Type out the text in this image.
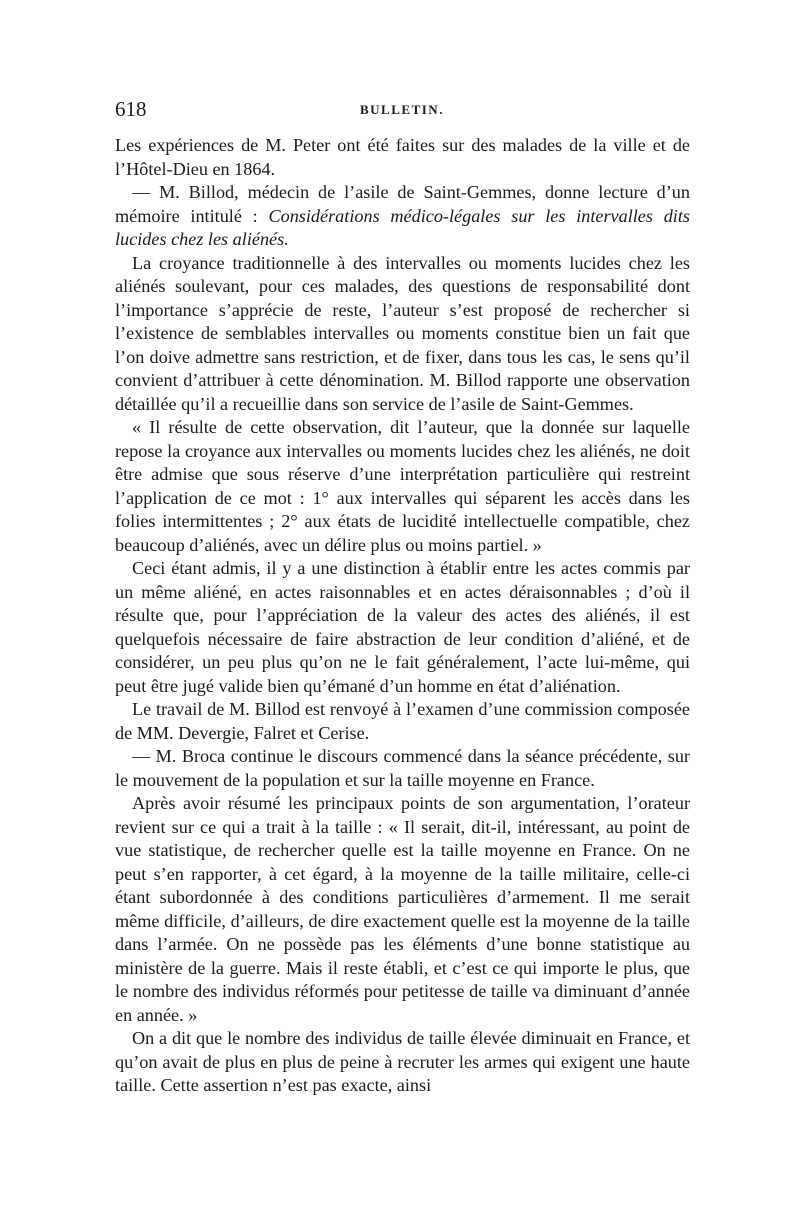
618	BULLETIN.

Les expériences de M. Peter ont été faites sur des malades de la ville et de l’Hôtel-Dieu en 1864.

— M. Billod, médecin de l’asile de Saint-Gemmes, donne lecture d’un mémoire intitulé : Considérations médico-légales sur les intervalles dits lucides chez les aliénés.

La croyance traditionnelle à des intervalles ou moments lucides chez les aliénés soulevant, pour ces malades, des questions de responsabilité dont l’importance s’apprécie de reste, l’auteur s’est proposé de rechercher si l’existence de semblables intervalles ou moments constitue bien un fait que l’on doive admettre sans restriction, et de fixer, dans tous les cas, le sens qu’il convient d’attribuer à cette dénomination. M. Billod rapporte une observation détaillée qu’il a recueillie dans son service de l’asile de Saint-Gemmes.

« Il résulte de cette observation, dit l’auteur, que la donnée sur laquelle repose la croyance aux intervalles ou moments lucides chez les aliénés, ne doit être admise que sous réserve d’une interprétation particulière qui restreint l’application de ce mot : 1° aux intervalles qui séparent les accès dans les folies intermittentes ; 2° aux états de lucidité intellectuelle compatible, chez beaucoup d’aliénés, avec un délire plus ou moins partiel. »

Ceci étant admis, il y a une distinction à établir entre les actes commis par un même aliéné, en actes raisonnables et en actes déraisonnables ; d’où il résulte que, pour l’appréciation de la valeur des actes des aliénés, il est quelquefois nécessaire de faire abstraction de leur condition d’aliéné, et de considérer, un peu plus qu’on ne le fait généralement, l’acte lui-même, qui peut être jugé valide bien qu’émané d’un homme en état d’aliénation.

Le travail de M. Billod est renvoyé à l’examen d’une commission composée de MM. Devergie, Falret et Cerise.

— M. Broca continue le discours commencé dans la séance précédente, sur le mouvement de la population et sur la taille moyenne en France.

Après avoir résumé les principaux points de son argumentation, l’orateur revient sur ce qui a trait à la taille : « Il serait, dit-il, intéressant, au point de vue statistique, de rechercher quelle est la taille moyenne en France. On ne peut s’en rapporter, à cet égard, à la moyenne de la taille militaire, celle-ci étant subordonnée à des conditions particulières d’armement. Il me serait même difficile, d’ailleurs, de dire exactement quelle est la moyenne de la taille dans l’armée. On ne possède pas les éléments d’une bonne statistique au ministère de la guerre. Mais il reste établi, et c’est ce qui importe le plus, que le nombre des individus réformés pour petitesse de taille va diminuant d’année en année. »

On a dit que le nombre des individus de taille élevée diminuait en France, et qu’on avait de plus en plus de peine à recruter les armes qui exigent une haute taille. Cette assertion n’est pas exacte, ainsi
